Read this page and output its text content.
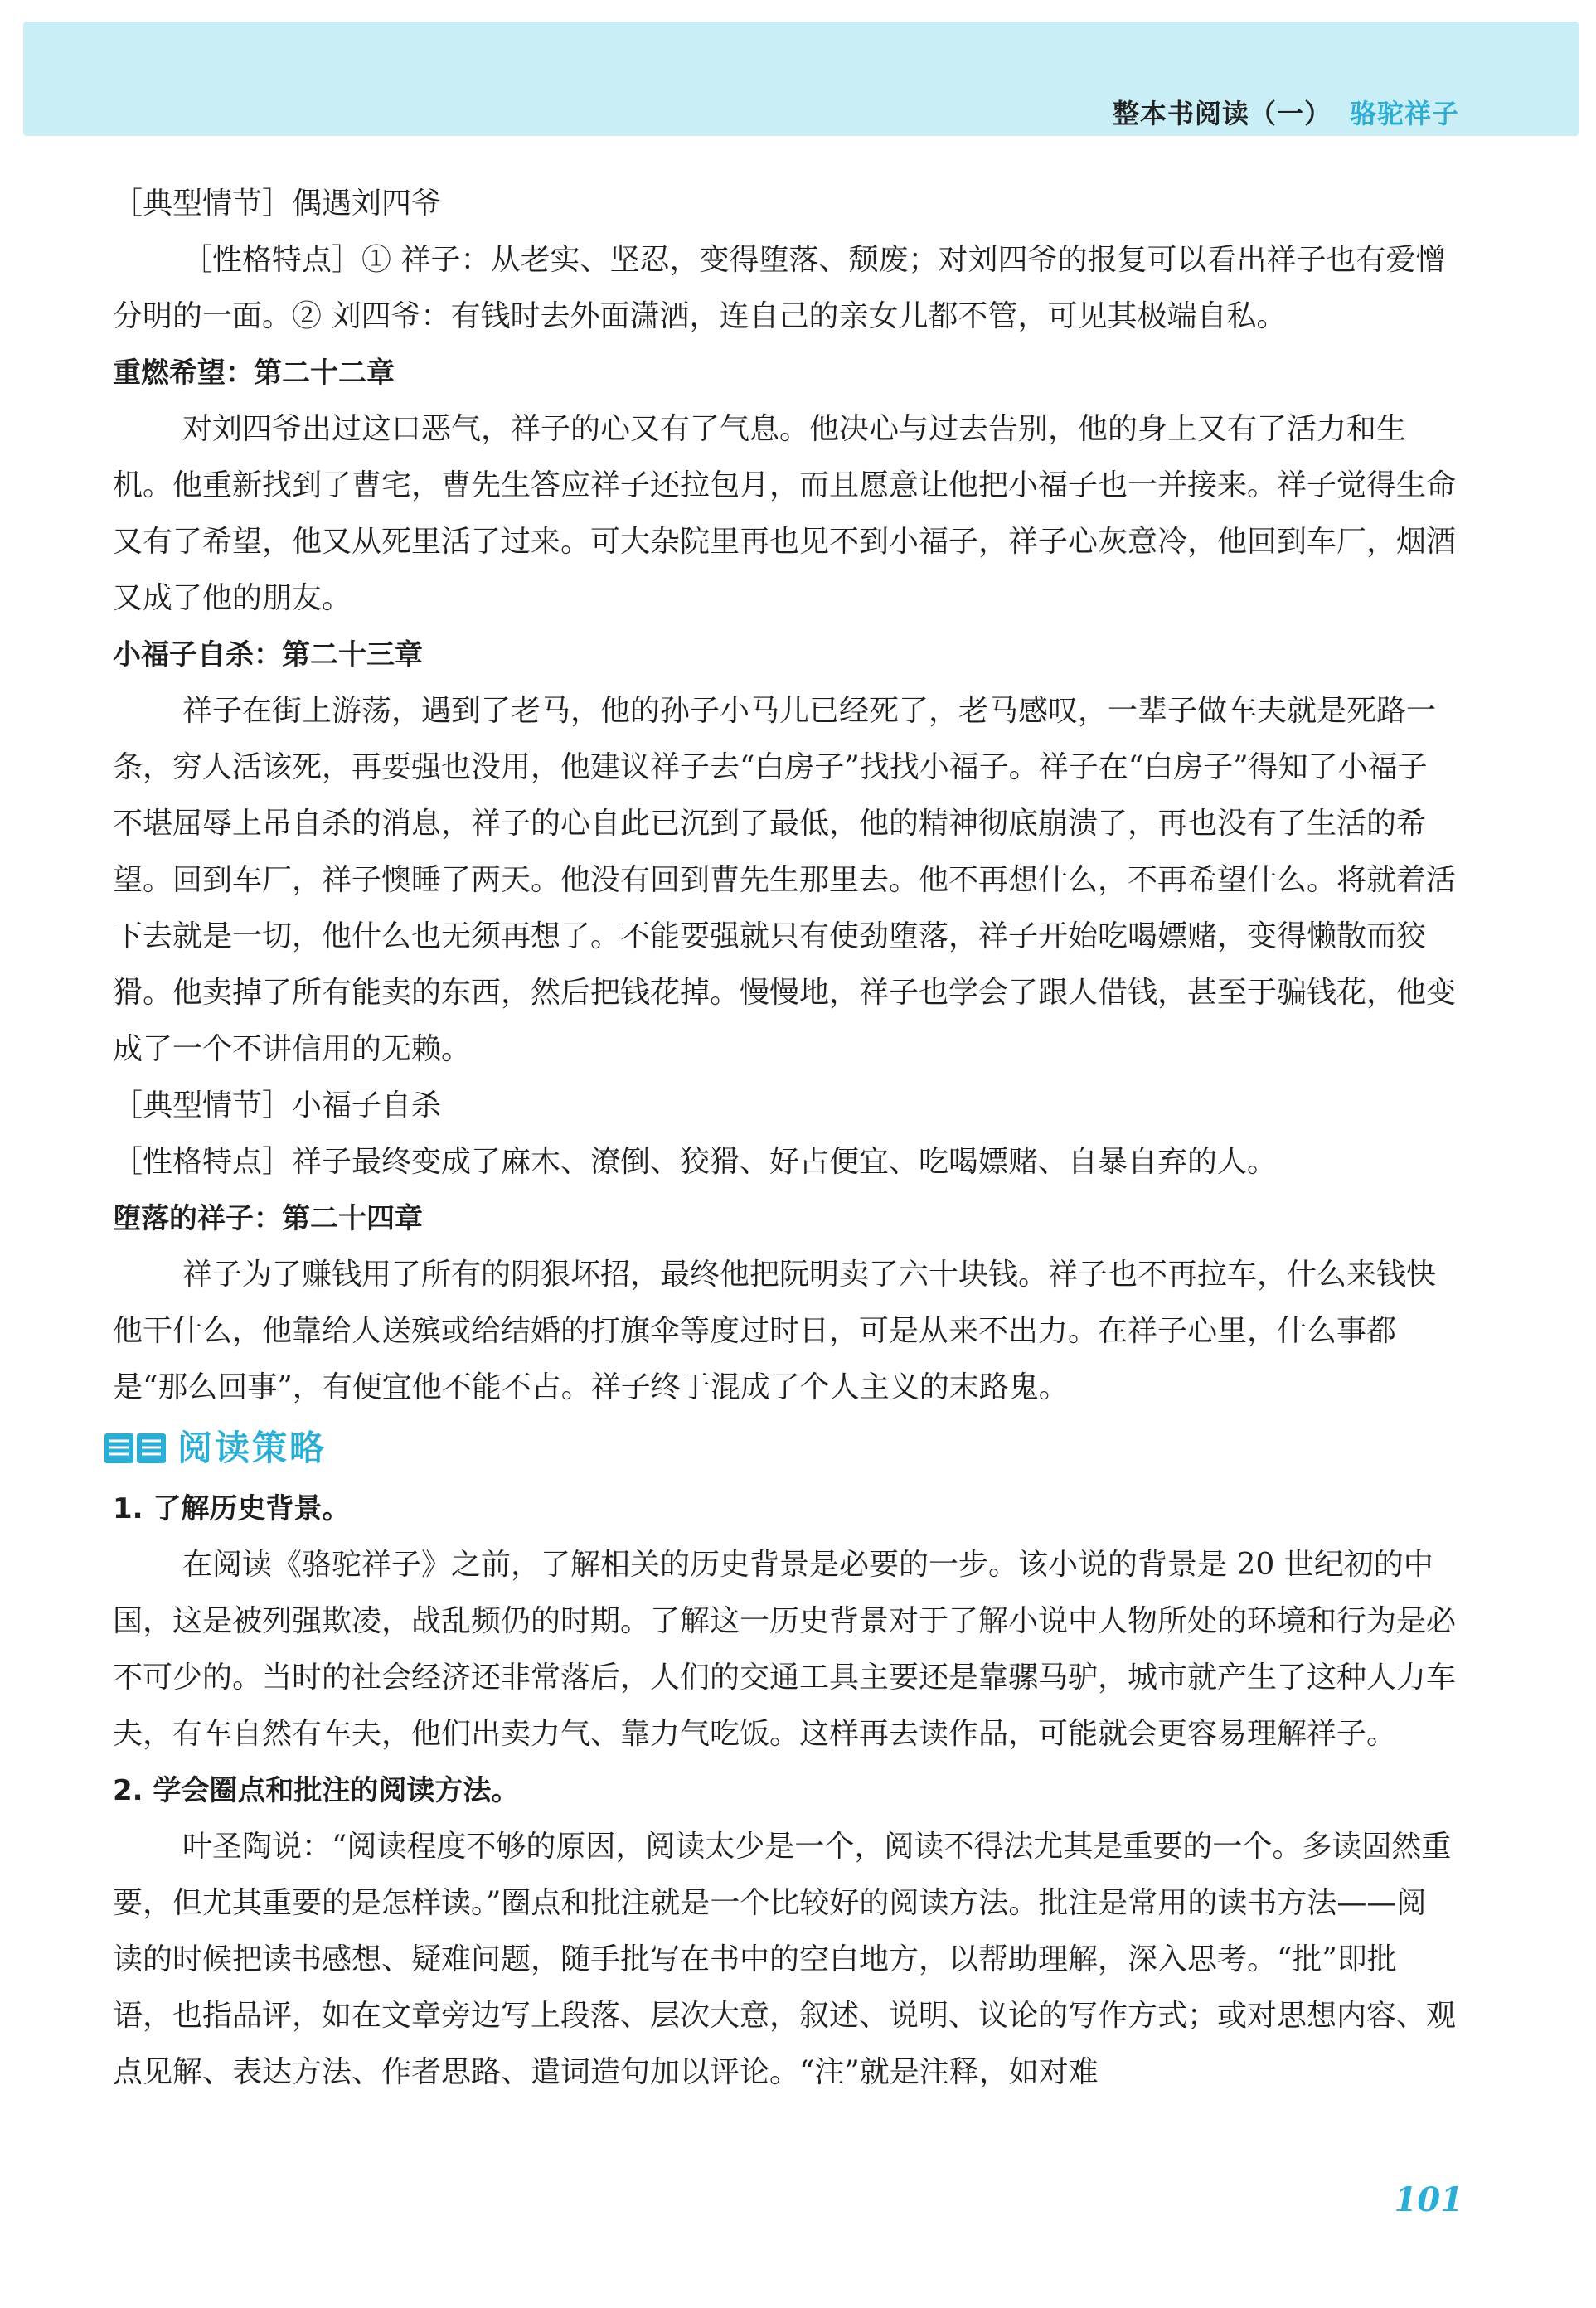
整本书阅读（一） 骆驼祥子

［典型情节］偶遇刘四爷

［性格特点］① 祥子：从老实、坚忍，变得堕落、颓废；对刘四爷的报复可以看出祥子也有爱憎分明的一面。② 刘四爷：有钱时去外面潇洒，连自己的亲女儿都不管，可见其极端自私。

重燃希望：第二十二章

对刘四爷出过这口恶气，祥子的心又有了气息。他决心与过去告别，他的身上又有了活力和生机。他重新找到了曹宅，曹先生答应祥子还拉包月，而且愿意让他把小福子也一并接来。祥子觉得生命又有了希望，他又从死里活了过来。可大杂院里再也见不到小福子，祥子心灰意冷，他回到车厂，烟酒又成了他的朋友。

小福子自杀：第二十三章

祥子在街上游荡，遇到了老马，他的孙子小马儿已经死了，老马感叹，一辈子做车夫就是死路一条，穷人活该死，再要强也没用，他建议祥子去“白房子”找找小福子。祥子在“白房子”得知了小福子不堪屈辱上吊自杀的消息，祥子的心自此已沉到了最低，他的精神彻底崩溃了，再也没有了生活的希望。回到车厂，祥子懊睡了两天。他没有回到曹先生那里去。他不再想什么，不再希望什么。将就着活下去就是一切，他什么也无须再想了。不能要强就只有使劲堕落，祥子开始吃喝嫖赌，变得懒散而狡猾。他卖掉了所有能卖的东西，然后把钱花掉。慢慢地，祥子也学会了跟人借钱，甚至于骗钱花，他变成了一个不讲信用的无赖。

［典型情节］小福子自杀

［性格特点］祥子最终变成了麻木、潦倒、狡猾、好占便宜、吃喝嫖赌、自暴自弃的人。

堕落的祥子：第二十四章

祥子为了赚钱用了所有的阴狠坏招，最终他把阮明卖了六十块钱。祥子也不再拉车，什么来钱快他干什么，他靠给人送殡或给结婚的打旗伞等度过时日，可是从来不出力。在祥子心里，什么事都是“那么回事”，有便宜他不能不占。祥子终于混成了个人主义的末路鬼。

阅读策略

1. 了解历史背景。

在阅读《骆驼祥子》之前，了解相关的历史背景是必要的一步。该小说的背景是 20 世纪初的中国，这是被列强欺凌，战乱频仍的时期。了解这一历史背景对于了解小说中人物所处的环境和行为是必不可少的。当时的社会经济还非常落后，人们的交通工具主要还是靠骡马驴，城市就产生了这种人力车夫，有车自然有车夫，他们出卖力气、靠力气吃饭。这样再去读作品，可能就会更容易理解祥子。

2. 学会圈点和批注的阅读方法。

叶圣陶说：“阅读程度不够的原因，阅读太少是一个，阅读不得法尤其是重要的一个。多读固然重要，但尤其重要的是怎样读。”圈点和批注就是一个比较好的阅读方法。批注是常用的读书方法——阅读的时候把读书感想、疑难问题，随手批写在书中的空白地方，以帮助理解，深入思考。“批”即批语，也指品评，如在文章旁边写上段落、层次大意，叙述、说明、议论的写作方式；或对思想内容、观点见解、表达方法、作者思路、遣词造句加以评论。“注”就是注释，如对难

101
